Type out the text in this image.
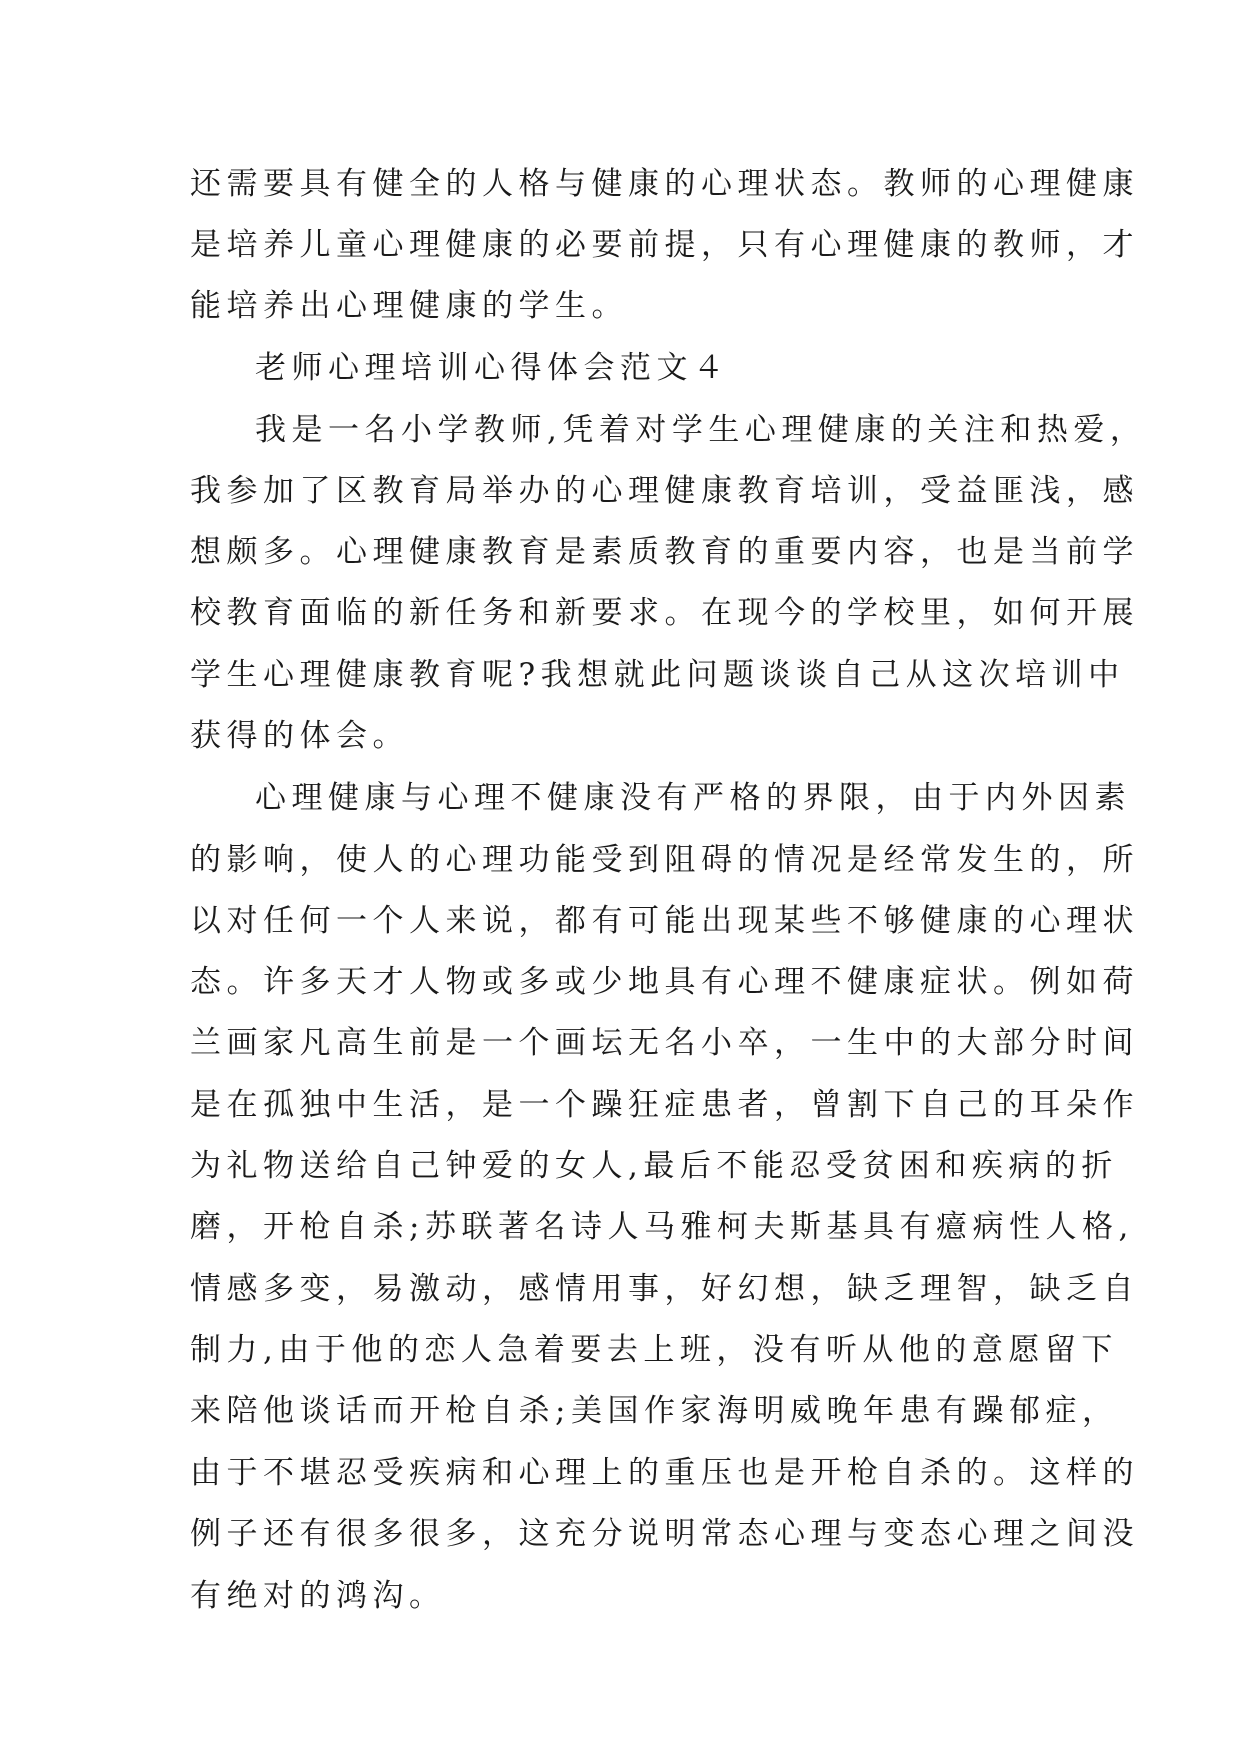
还需要具有健全的人格与健康的心理状态。教师的心理健康
是培养儿童心理健康的必要前提，只有心理健康的教师，才
能培养出心理健康的学生。
老师心理培训心得体会范文４
我是一名小学教师,凭着对学生心理健康的关注和热爱，
我参加了区教育局举办的心理健康教育培训，受益匪浅，感
想颇多。心理健康教育是素质教育的重要内容，也是当前学
校教育面临的新任务和新要求。在现今的学校里，如何开展
学生心理健康教育呢?我想就此问题谈谈自己从这次培训中
获得的体会。
心理健康与心理不健康没有严格的界限，由于内外因素
的影响，使人的心理功能受到阻碍的情况是经常发生的，所
以对任何一个人来说，都有可能出现某些不够健康的心理状
态。许多天才人物或多或少地具有心理不健康症状。例如荷
兰画家凡高生前是一个画坛无名小卒，一生中的大部分时间
是在孤独中生活，是一个躁狂症患者，曾割下自己的耳朵作
为礼物送给自己钟爱的女人,最后不能忍受贫困和疾病的折
磨，开枪自杀;苏联著名诗人马雅柯夫斯基具有癔病性人格,
情感多变，易激动，感情用事，好幻想，缺乏理智，缺乏自
制力,由于他的恋人急着要去上班，没有听从他的意愿留下
来陪他谈话而开枪自杀;美国作家海明威晚年患有躁郁症，
由于不堪忍受疾病和心理上的重压也是开枪自杀的。这样的
例子还有很多很多，这充分说明常态心理与变态心理之间没
有绝对的鸿沟。
